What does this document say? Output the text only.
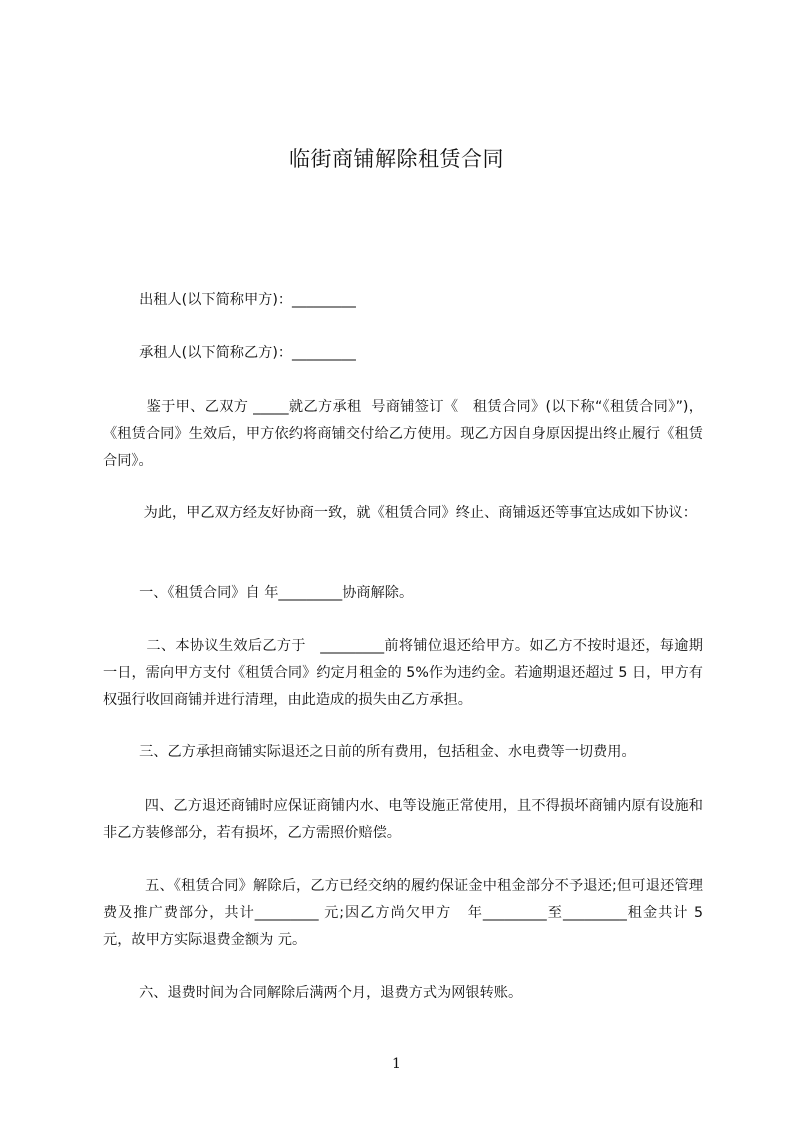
临街商铺解除租赁合同
出租人(以下简称甲方)：_________
承租人(以下简称乙方)：_________
鉴于甲、乙双方 _____就乙方承租  号商铺签订《   租赁合同》(以下称“《租赁合同》”)，《租赁合同》生效后，甲方依约将商铺交付给乙方使用。现乙方因自身原因提出终止履行《租赁合同》。
为此，甲乙双方经友好协商一致，就《租赁合同》终止、商铺返还等事宜达成如下协议：
一、《租赁合同》自 年_________协商解除。
二、本协议生效后乙方于   _________前将铺位退还给甲方。如乙方不按时退还，每逾期一日，需向甲方支付《租赁合同》约定月租金的 5%作为违约金。若逾期退还超过 5 日，甲方有权强行收回商铺并进行清理，由此造成的损失由乙方承担。
三、乙方承担商铺实际退还之日前的所有费用，包括租金、水电费等一切费用。
四、乙方退还商铺时应保证商铺内水、电等设施正常使用，且不得损坏商铺内原有设施和非乙方装修部分，若有损坏，乙方需照价赔偿。
五、《租赁合同》解除后，乙方已经交纳的履约保证金中租金部分不予退还;但可退还管理费及推广费部分，共计_________ 元;因乙方尚欠甲方   年_________至_________租金共计 5 元，故甲方实际退费金额为 元。
六、退费时间为合同解除后满两个月，退费方式为网银转账。
1
